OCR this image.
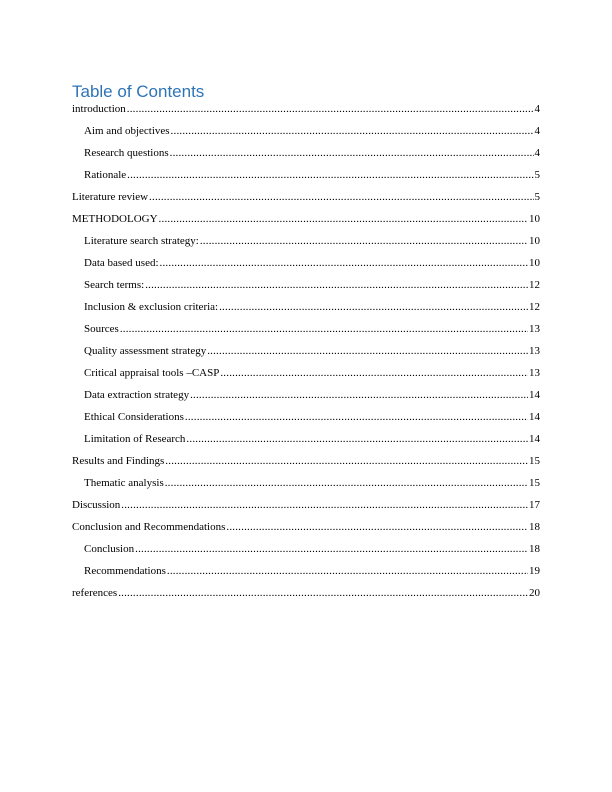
Table of Contents
introduction .....	4
Aim and objectives .....	4
Research questions .....	4
Rationale .....	5
Literature review .....	5
METHODOLOGY .....	10
Literature search strategy: .....	10
Data based used: .....	10
Search terms: .....	12
Inclusion & exclusion criteria: .....	12
Sources .....	13
Quality assessment strategy .....	13
Critical appraisal tools –CASP .....	13
Data extraction strategy .....	14
Ethical Considerations .....	14
Limitation of Research .....	14
Results and Findings .....	15
Thematic analysis .....	15
Discussion .....	17
Conclusion and Recommendations .....	18
Conclusion .....	18
Recommendations .....	19
references .....	20
